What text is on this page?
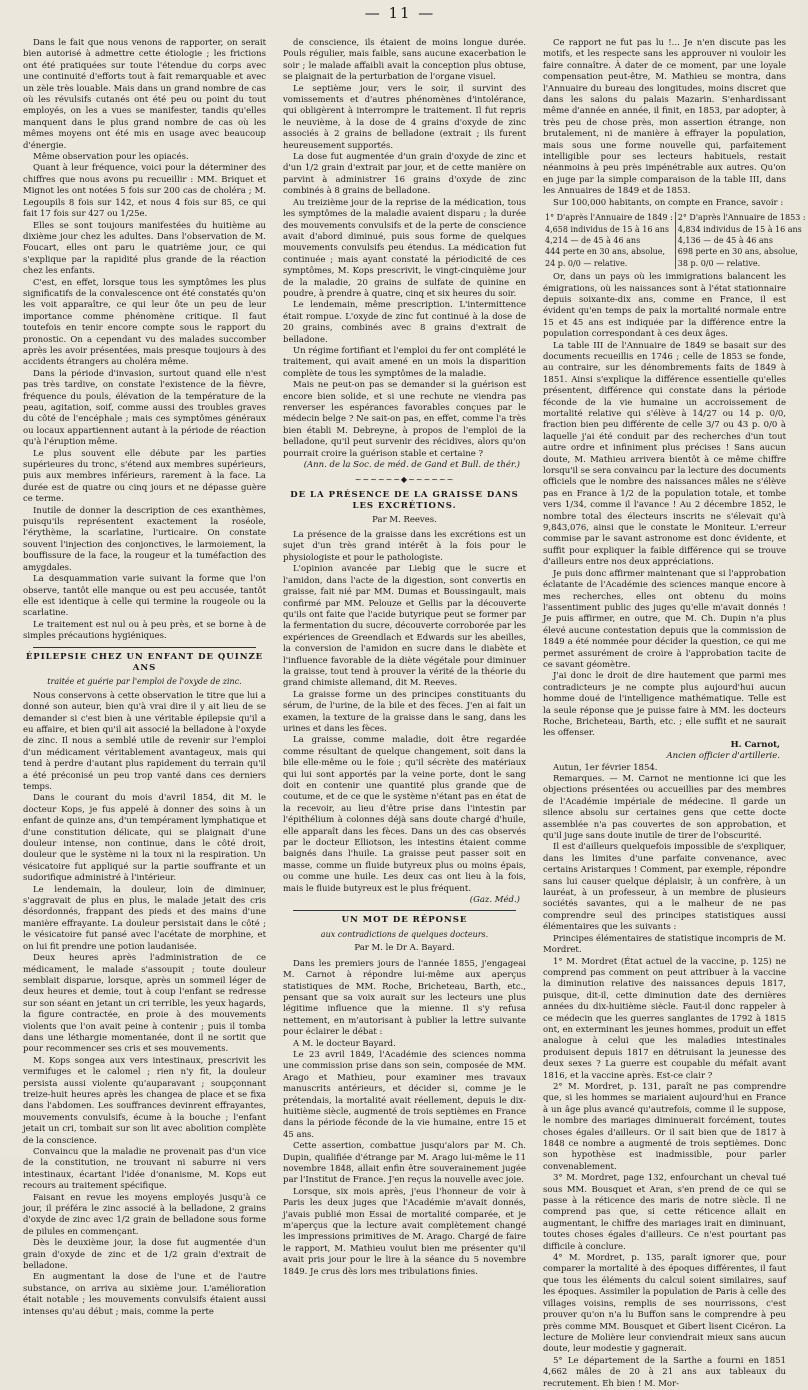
— 11 —

Dans le fait que nous venons de rapporter, on serait bien autorisé à admettre cette étiologie ; les frictions ont été pratiquées sur toute l'étendue du corps avec une continuité d'efforts tout à fait remarquable et avec un zèle très louable. Mais dans un grand nombre de cas où les révulsifs cutanés ont été peu ou point du tout employés, on les a vues se manifester, tandis qu'elles manquent dans le plus grand nombre de cas où les mêmes moyens ont été mis en usage avec beaucoup d'énergie.

Même observation pour les opiacés.

Quant à leur fréquence, voici pour la déterminer des chiffres que nous avons pu recueillir : MM. Briquet et Mignot les ont notées 5 fois sur 200 cas de choléra ; M. Legoupils 8 fois sur 142, et nous 4 fois sur 85, ce qui fait 17 fois sur 427 ou 1/25e.

Elles se sont toujours manifestées du huitième au dixième jour chez les adultes. Dans l'observation de M. Foucart, elles ont paru le quatrième jour, ce qui s'explique par la rapidité plus grande de la réaction chez les enfants.

C'est, en effet, lorsque tous les symptômes les plus significatifs de la convalescence ont été constatés qu'on les voit apparaître, ce qui leur ôte un peu de leur importance comme phénomène critique. Il faut toutefois en tenir encore compte sous le rapport du pronostic. On a cependant vu des malades succomber après les avoir présentées, mais presque toujours à des accidents étrangers au choléra même.

Dans la période d'invasion, surtout quand elle n'est pas très tardive, on constate l'existence de la fièvre, fréquence du pouls, élévation de la température de la peau, agitation, soif, comme aussi des troubles graves du côté de l'encéphale ; mais ces symptômes généraux ou locaux appartiennent autant à la période de réaction qu'à l'éruption même.

Le plus souvent elle débute par les parties supérieures du tronc, s'étend aux membres supérieurs, puis aux membres inférieurs, rarement à la face. La durée est de quatre ou cinq jours et ne dépasse guère ce terme.

Inutile de donner la description de ces exanthèmes, puisqu'ils représentent exactement la roséole, l'érythème, la scarlatine, l'urticaire. On constate souvent l'injection des conjonctives, le larmoiement, la bouffissure de la face, la rougeur et la tuméfaction des amygdales.

La desquammation varie suivant la forme que l'on observe, tantôt elle manque ou est peu accusée, tantôt elle est identique à celle qui termine la rougeole ou la scarlatine.

Le traitement est nul ou à peu près, et se borne à de simples précautions hygiéniques.

ÉPILEPSIE CHEZ UN ENFANT DE QUINZE ANS
traitée et guérie par l'emploi de l'oxyde de zinc.

Nous conservons à cette observation le titre que lui a donné son auteur, bien qu'à vrai dire il y ait lieu de se demander si c'est bien à une véritable épilepsie qu'il a eu affaire, et bien qu'il ait associé la belladone à l'oxyde de zinc. Il nous a semblé utile de revenir sur l'emploi d'un médicament véritablement avantageux, mais qui tend à perdre d'autant plus rapidement du terrain qu'il a été préconisé un peu trop vanté dans ces derniers temps.

Dans le courant du mois d'avril 1854, dit M. le docteur Kops, je fus appelé à donner des soins à un enfant de quinze ans, d'un tempérament lymphatique et d'une constitution délicate, qui se plaignait d'une douleur intense, non continue, dans le côté droit, douleur que le système ni la toux ni la respiration. Un vésicatoire fut appliqué sur la partie souffrante et un sudorifique administré à l'intérieur.

Le lendemain, la douleur, loin de diminuer, s'aggravait de plus en plus, le malade jetait des cris désordonnés, frappant des pieds et des mains d'une manière effrayante. La douleur persistait dans le côté ; le vésicatoire fut pansé avec l'acétate de morphine, et on lui fit prendre une potion laudanisée.

Deux heures après l'administration de ce médicament, le malade s'assoupit ; toute douleur semblait disparue, lorsque, après un sommeil léger de deux heures et demie, tout à coup l'enfant se redresse sur son séant en jetant un cri terrible, les yeux hagards, la figure contractée, en proie à des mouvements violents que l'on avait peine à contenir ; puis il tomba dans une léthargie momentanée, dont il ne sortit que pour recommencer ses cris et ses mouvements.

M. Kops songea aux vers intestinaux, prescrivit les vermifuges et le calomel ; rien n'y fit, la douleur persista aussi violente qu'auparavant ; soupçonnant treize-huit heures après les changea de place et se fixa dans l'abdomen. Les souffrances devinrent effrayantes, mouvements convulsifs, écume à la bouche ; l'enfant jetait un cri, tombait sur son lit avec abolition complète de la conscience.

Convaincu que la maladie ne provenait pas d'un vice de la constitution, ne trouvant ni saburre ni vers intestinaux, écartant l'idée d'onanisme, M. Kops eut recours au traitement spécifique.

Faisant en revue les moyens employés jusqu'à ce jour, il préféra le zinc associé à la belladone, 2 grains d'oxyde de zinc avec 1/2 grain de belladone sous forme de pilules en commençant.

Dès le deuxième jour, la dose fut augmentée d'un grain d'oxyde de zinc et de 1/2 grain d'extrait de belladone.

En augmentant la dose de l'une et de l'autre substance, on arriva au sixième jour. L'amélioration était notable ; les mouvements convulsifs étaient aussi intenses qu'au début ; mais, comme la perte

de conscience, ils étaient de moins longue durée. Pouls régulier, mais faible, sans aucune exacerbation le soir ; le malade affaibli avait la conception plus obtuse, se plaignait de la perturbation de l'organe visuel.

Le septième jour, vers le soir, il survint des vomissements et d'autres phénomènes d'intolérance, qui obligèrent à interrompre le traitement. Il fut repris le neuvième, à la dose de 4 grains d'oxyde de zinc associés à 2 grains de belladone (extrait ; ils furent heureusement supportés.

La dose fut augmentée d'un grain d'oxyde de zinc et d'un 1/2 grain d'extrait par jour, et de cette manière on parvint à administrer 16 grains d'oxyde de zinc combinés à 8 grains de belladone.

Au treizième jour de la reprise de la médication, tous les symptômes de la maladie avaient disparu ; la durée des mouvements convulsifs et de la perte de conscience avait d'abord diminué, puis sous forme de quelques mouvements convulsifs peu étendus. La médication fut continuée ; mais ayant constaté la périodicité de ces symptômes, M. Kops prescrivit, le vingt-cinquième jour de la maladie, 20 grains de sulfate de quinine en poudre, à prendre à quatre, cinq et six heures du soir.

Le lendemain, même prescription. L'intermittence était rompue. L'oxyde de zinc fut continué à la dose de 20 grains, combinés avec 8 grains d'extrait de belladone.

Un régime fortifiant et l'emploi du fer ont complété le traitement, qui avait amené en un mois la disparition complète de tous les symptômes de la maladie.

Mais ne peut-on pas se demander si la guérison est encore bien solide, et si une rechute ne viendra pas renverser les espérances favorables conçues par le médecin belge ? Ne sait-on pas, en effet, comme l'a très bien établi M. Debreyne, à propos de l'emploi de la belladone, qu'il peut survenir des récidives, alors qu'on pourrait croire la guérison stable et certaine ?

(Ann. de la Soc. de méd. de Gand et Bull. de thér.)
~~~~~~◆~~~~~~
DE LA PRÉSENCE DE LA GRAISSE DANS LES EXCRÉTIONS.
Par M. Reeves.

La présence de la graisse dans les excrétions est un sujet d'un très grand intérêt à la fois pour le physiologiste et pour le pathologiste.

L'opinion avancée par Liebig que le sucre et l'amidon, dans l'acte de la digestion, sont convertis en graisse, fait nié par MM. Dumas et Boussingault, mais confirmé par MM. Pelouze et Gellis par la découverte qu'ils ont faite que l'acide butyrique peut se former par la fermentation du sucre, découverte corroborée par les expériences de Greendlach et Edwards sur les abeilles, la conversion de l'amidon en sucre dans le diabète et l'influence favorable de la diète végétale pour diminuer la graisse, tout tend à prouver la vérité de la théorie du grand chimiste allemand, dit M. Reeves.

La graisse forme un des principes constituants du sérum, de l'urine, de la bile et des fèces. J'en ai fait un examen, la texture de la graisse dans le sang, dans les urines et dans les fèces.

La graisse, comme maladie, doit être regardée comme résultant de quelque changement, soit dans la bile elle-même ou le foie ; qu'il sécrète des matériaux qui lui sont apportés par la veine porte, dont le sang doit en contenir une quantité plus grande que de coutume, et de ce que le système n'étant pas en état de la recevoir, au lieu d'être prise dans l'intestin par l'épithélium à colonnes déjà sans doute chargé d'huile, elle apparaît dans les fèces. Dans un des cas observés par le docteur Elliotson, les intestins étaient comme baignés dans l'huile. La graisse peut passer soit en masse, comme un fluide butyreux plus ou moins épais, ou comme une huile. Les deux cas ont lieu à la fois, mais le fluide butyreux est le plus fréquent.

(Gaz. Méd.)
UN MOT DE RÉPONSE
aux contradictions de quelques docteurs.
Par M. le Dr A. Bayard.

Dans les premiers jours de l'année 1855, j'engageai M. Carnot à répondre lui-même aux aperçus statistiques de MM. Roche, Bricheteau, Barth, etc., pensant que sa voix aurait sur les lecteurs une plus légitime influence que la mienne. Il s'y refusa nettement, en m'autorisant à publier la lettre suivante pour éclairer le débat :

A M. le docteur Bayard.

Le 23 avril 1849, l'Académie des sciences nomma une commission prise dans son sein, composée de MM. Arago et Mathieu, pour examiner mes travaux manuscrits antérieurs, et décider si, comme je le prétendais, la mortalité avait réellement, depuis le dix-huitième siècle, augmenté de trois septièmes en France dans la période féconde de la vie humaine, entre 15 et 45 ans.

Cette assertion, combattue jusqu'alors par M. Ch. Dupin, qualifiée d'étrange par M. Arago lui-même le 11 novembre 1848, allait enfin être souverainement jugée par l'Institut de France. J'en reçus la nouvelle avec joie.

Lorsque, six mois après, j'eus l'honneur de voir à Paris les deux juges que l'Académie m'avait donnés, j'avais publié mon Essai de mortalité comparée, et je m'aperçus que la lecture avait complètement changé les impressions primitives de M. Arago. Chargé de faire le rapport, M. Mathieu voulut bien me présenter qu'il avait pris jour pour le lire à la séance du 5 novembre 1849. Je crus dès lors mes tribulations finies.

Ce rapport ne fut pas lu !... Je n'en discute pas les motifs, et les respecte sans les approuver ni vouloir les faire connaître. À dater de ce moment, par une loyale compensation peut-être, M. Mathieu se montra, dans l'Annuaire du bureau des longitudes, moins discret que dans les salons du palais Mazarin. S'enhardissant même d'année en année, il finit, en 1853, par adopter, à très peu de chose près, mon assertion étrange, non brutalement, ni de manière à effrayer la population, mais sous une forme nouvelle qui, parfaitement intelligible pour ses lecteurs habituels, restait néanmoins à peu près impénétrable aux autres. Qu'on en juge par la simple comparaison de la table III, dans les Annuaires de 1849 et de 1853.

Sur 100,000 habitants, on compte en France, savoir :

1° D'après l'Annuaire de 1849 :	2° D'après l'Annuaire de 1853 :
4,658 individus de 15 à 16 ans	4,834 individus de 15 à 16 ans
4,214 — de 45 à 46 ans	4,136 — de 45 à 46 ans
444 perte en 30 ans, absolue,	698 perte en 30 ans, absolue,
24 p. 0/0 — relative.	38 p. 0/0 — relative.

Or, dans un pays où les immigrations balancent les émigrations, où les naissances sont à l'état stationnaire depuis soixante-dix ans, comme en France, il est évident qu'en temps de paix la mortalité normale entre 15 et 45 ans est indiquée par la différence entre la population correspondant à ces deux âges.

La table III de l'Annuaire de 1849 se basait sur des documents recueillis en 1746 ; celle de 1853 se fonde, au contraire, sur les dénombrements faits de 1849 à 1851. Ainsi s'explique la différence essentielle qu'elles présentent, différence qui constate dans la période féconde de la vie humaine un accroissement de mortalité relative qui s'élève à 14/27 ou 14 p. 0/0, fraction bien peu différente de celle 3/7 ou 43 p. 0/0 à laquelle j'ai été conduit par des recherches d'un tout autre ordre et infiniment plus précises ! Sans aucun doute, M. Mathieu arrivera bientôt à ce même chiffre lorsqu'il se sera convaincu par la lecture des documents officiels que le nombre des naissances mâles ne s'élève pas en France à 1/2 de la population totale, et tombe vers 1/34, comme il l'avance ! Au 2 décembre 1852, le nombre total des électeurs inscrits ne s'élevait qu'à 9,843,076, ainsi que le constate le Moniteur. L'erreur commise par le savant astronome est donc évidente, et suffit pour expliquer la faible différence qui se trouve d'ailleurs entre nos deux appréciations.

Je puis donc affirmer maintenant que si l'approbation éclatante de l'Académie des sciences manque encore à mes recherches, elles ont obtenu du moins l'assentiment public des juges qu'elle m'avait donnés ! Je puis affirmer, en outre, que M. Ch. Dupin n'a plus élevé aucune contestation depuis que la commission de 1849 a été nommée pour décider la question, ce qui me permet assurément de croire à l'approbation tacite de ce savant géomètre.

J'ai donc le droit de dire hautement que parmi mes contradicteurs je ne compte plus aujourd'hui aucun homme doué de l'intelligence mathématique. Telle est la seule réponse que je puisse faire à MM. les docteurs Roche, Bricheteau, Barth, etc. ; elle suffit et ne saurait les offenser.

H. Carnot,
Ancien officier d'artillerie.
Autun, 1er février 1854.

Remarques. — M. Carnot ne mentionne ici que les objections présentées ou accueillies par des membres de l'Académie impériale de médecine. Il garde un silence absolu sur certaines gens que cette docte assemblée n'a pas couvertes de son approbation, et qu'il juge sans doute inutile de tirer de l'obscurité.

Il est d'ailleurs quelquefois impossible de s'expliquer, dans les limites d'une parfaite convenance, avec certains Aristarques ! Comment, par exemple, répondre sans lui causer quelque déplaisir, à un confrère, à un lauréat, à un professeur, à un membre de plusieurs sociétés savantes, qui a le malheur de ne pas comprendre seul des principes statistiques aussi élémentaires que les suivants :

Principes élémentaires de statistique incompris de M. Mordret.

1° M. Mordret (État actuel de la vaccine, p. 125) ne comprend pas comment on peut attribuer à la vaccine la diminution relative des naissances depuis 1817, puisque, dit-il, cette diminution date des dernières années du dix-huitième siècle. Faut-il donc rappeler à ce médecin que les guerres sanglantes de 1792 à 1815 ont, en exterminant les jeunes hommes, produit un effet analogue à celui que les maladies intestinales produisent depuis 1817 en détruisant la jeunesse des deux sexes ? La guerre est coupable du méfait avant 1816, et la vaccine après. Est-ce clair ?

2° M. Mordret, p. 131, paraît ne pas comprendre que, si les hommes se mariaient aujourd'hui en France à un âge plus avancé qu'autrefois, comme il le suppose, le nombre des mariages diminuerait forcément, toutes choses égales d'ailleurs. Or il sait bien que de 1817 à 1848 ce nombre a augmenté de trois septièmes. Donc son hypothèse est inadmissible, pour parler convenablement.

3° M. Mordret, page 132, enfourchant un cheval tué sous MM. Bousquet et Aran, s'en prend de ce qui se passe à la réticence des maris de notre siècle. Il ne comprend pas que, si cette réticence allait en augmentant, le chiffre des mariages irait en diminuant, toutes choses égales d'ailleurs. Ce n'est pourtant pas difficile à conclure.

4° M. Mordret, p. 135, paraît ignorer que, pour comparer la mortalité à des époques différentes, il faut que tous les éléments du calcul soient similaires, sauf les époques. Assimiler la population de Paris à celle des villages voisins, remplis de ses nourrissons, c'est prouver qu'on n'a lu Buffon sans le comprendre à peu près comme MM. Bousquet et Gibert lisent Cicéron. La lecture de Molière leur conviendrait mieux sans aucun doute, leur modestie y gagnerait.

5° Le département de la Sarthe a fourni en 1851 4,662 mâles de 20 à 21 ans aux tableaux du recrutement. Eh bien ! M. Mor-
